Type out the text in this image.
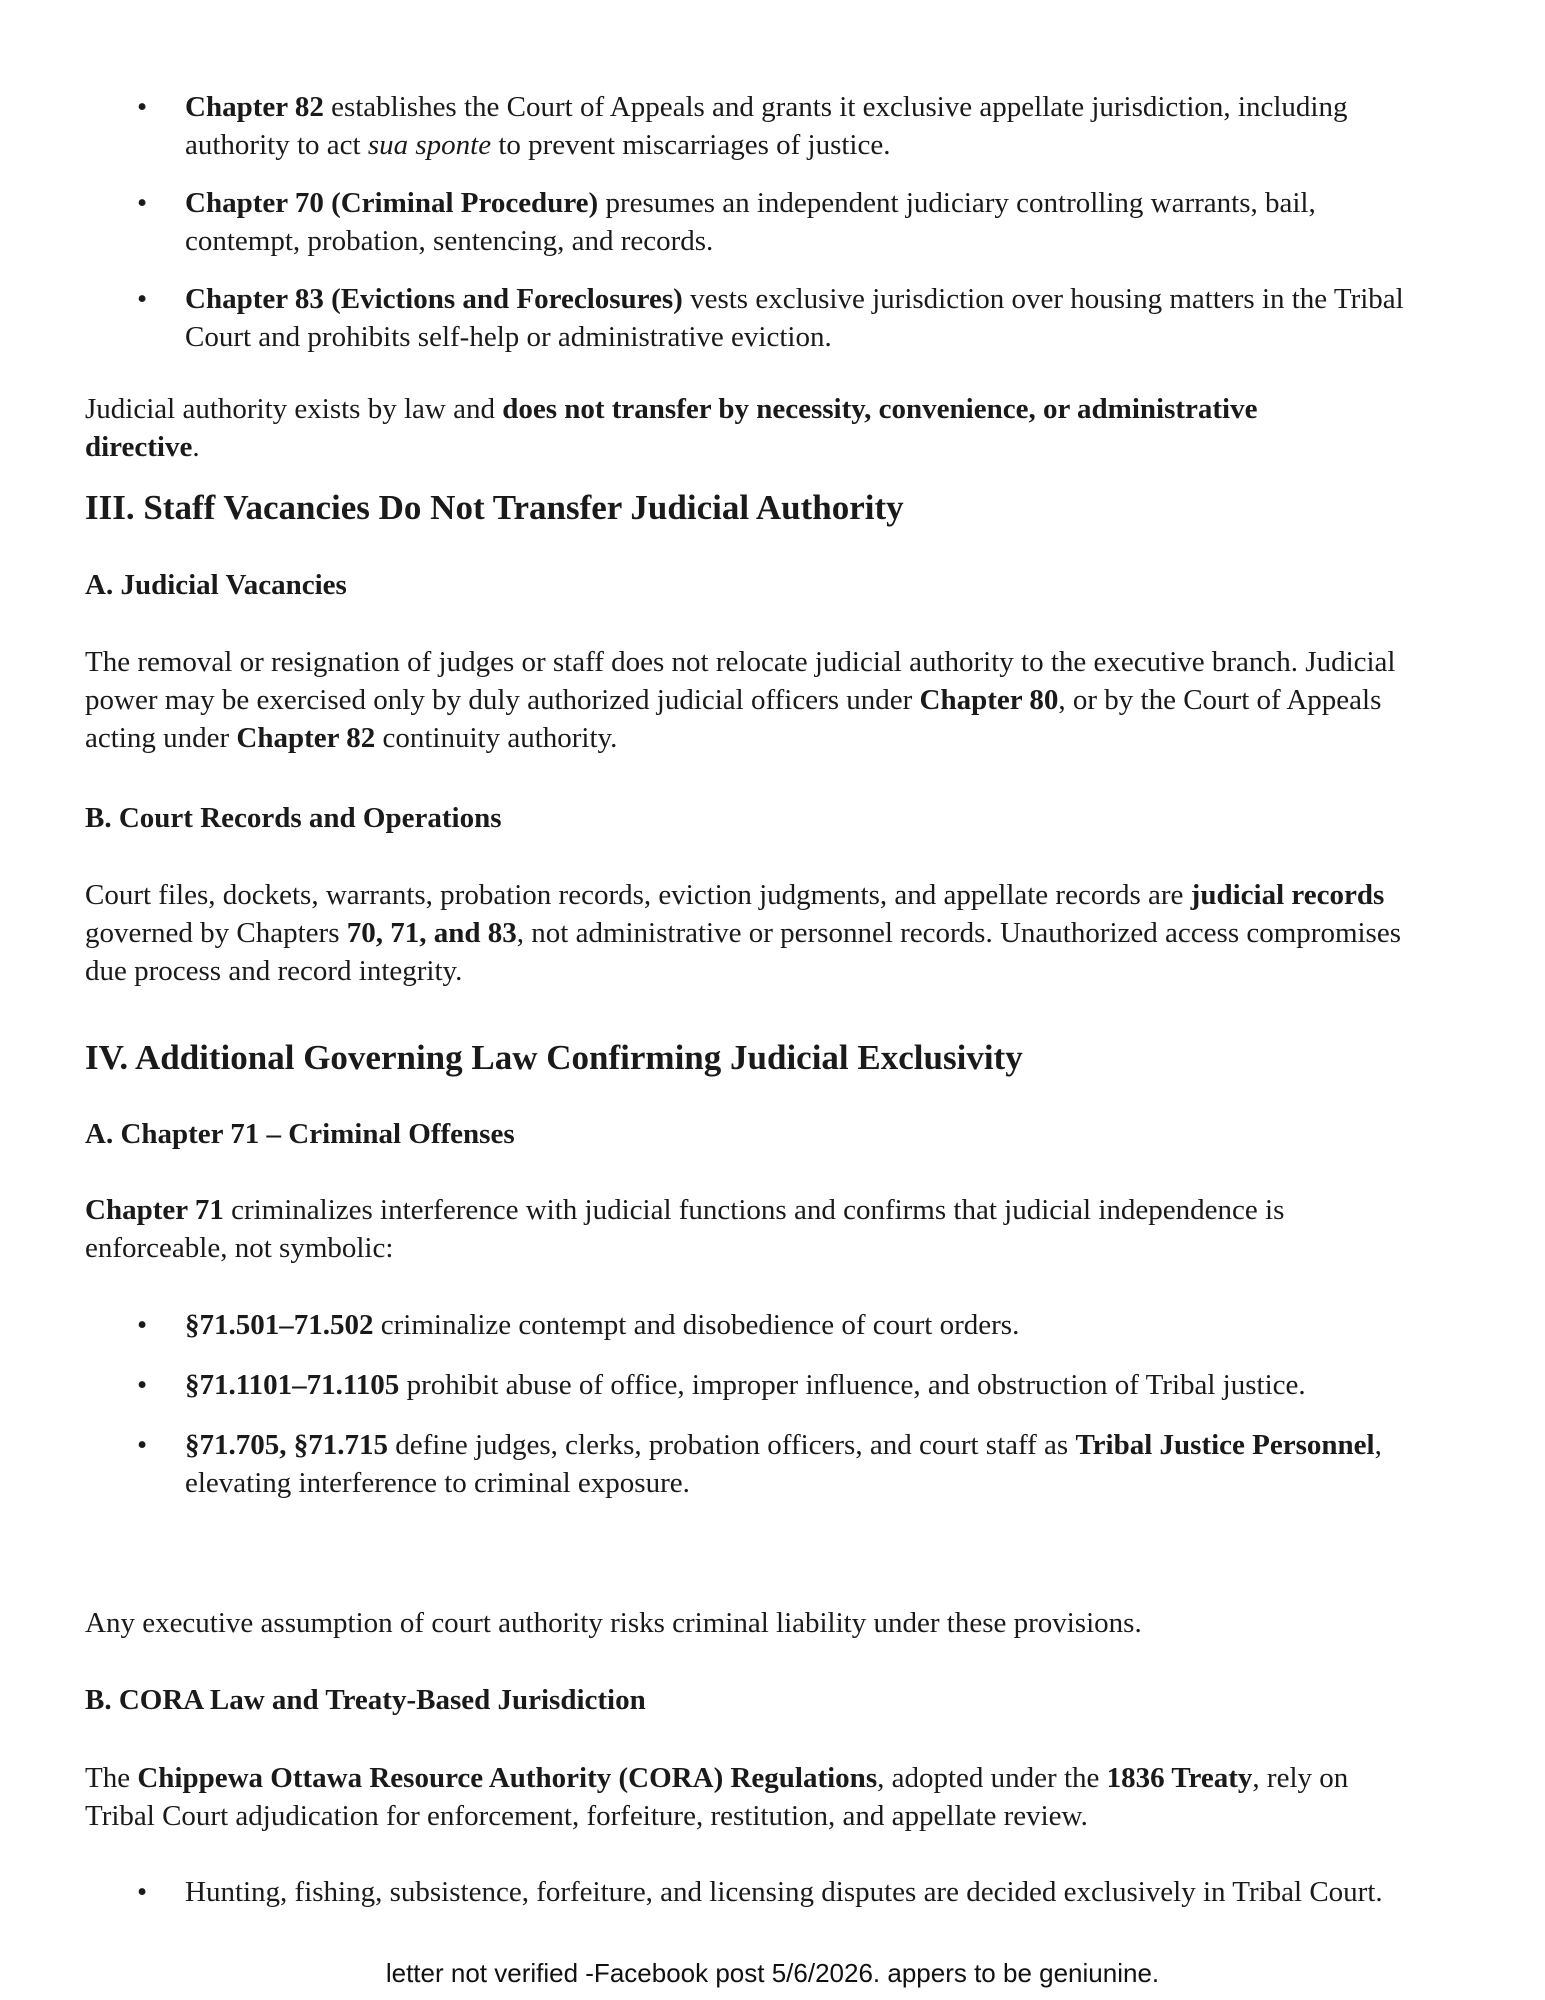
• Chapter 82 establishes the Court of Appeals and grants it exclusive appellate jurisdiction, including authority to act sua sponte to prevent miscarriages of justice.
• Chapter 70 (Criminal Procedure) presumes an independent judiciary controlling warrants, bail, contempt, probation, sentencing, and records.
• Chapter 83 (Evictions and Foreclosures) vests exclusive jurisdiction over housing matters in the Tribal Court and prohibits self-help or administrative eviction.

Judicial authority exists by law and does not transfer by necessity, convenience, or administrative directive.

III. Staff Vacancies Do Not Transfer Judicial Authority
A. Judicial Vacancies

The removal or resignation of judges or staff does not relocate judicial authority to the executive branch. Judicial power may be exercised only by duly authorized judicial officers under Chapter 80, or by the Court of Appeals acting under Chapter 82 continuity authority.

B. Court Records and Operations

Court files, dockets, warrants, probation records, eviction judgments, and appellate records are judicial records governed by Chapters 70, 71, and 83, not administrative or personnel records. Unauthorized access compromises due process and record integrity.

IV. Additional Governing Law Confirming Judicial Exclusivity
A. Chapter 71 – Criminal Offenses

Chapter 71 criminalizes interference with judicial functions and confirms that judicial independence is enforceable, not symbolic:

• §71.501–71.502 criminalize contempt and disobedience of court orders.
• §71.1101–71.1105 prohibit abuse of office, improper influence, and obstruction of Tribal justice.
• §71.705, §71.715 define judges, clerks, probation officers, and court staff as Tribal Justice Personnel, elevating interference to criminal exposure.

Any executive assumption of court authority risks criminal liability under these provisions.

B. CORA Law and Treaty-Based Jurisdiction

The Chippewa Ottawa Resource Authority (CORA) Regulations, adopted under the 1836 Treaty, rely on Tribal Court adjudication for enforcement, forfeiture, restitution, and appellate review.

• Hunting, fishing, subsistence, forfeiture, and licensing disputes are decided exclusively in Tribal Court.
letter not verified -Facebook post 5/6/2026. appers to be geniunine.
